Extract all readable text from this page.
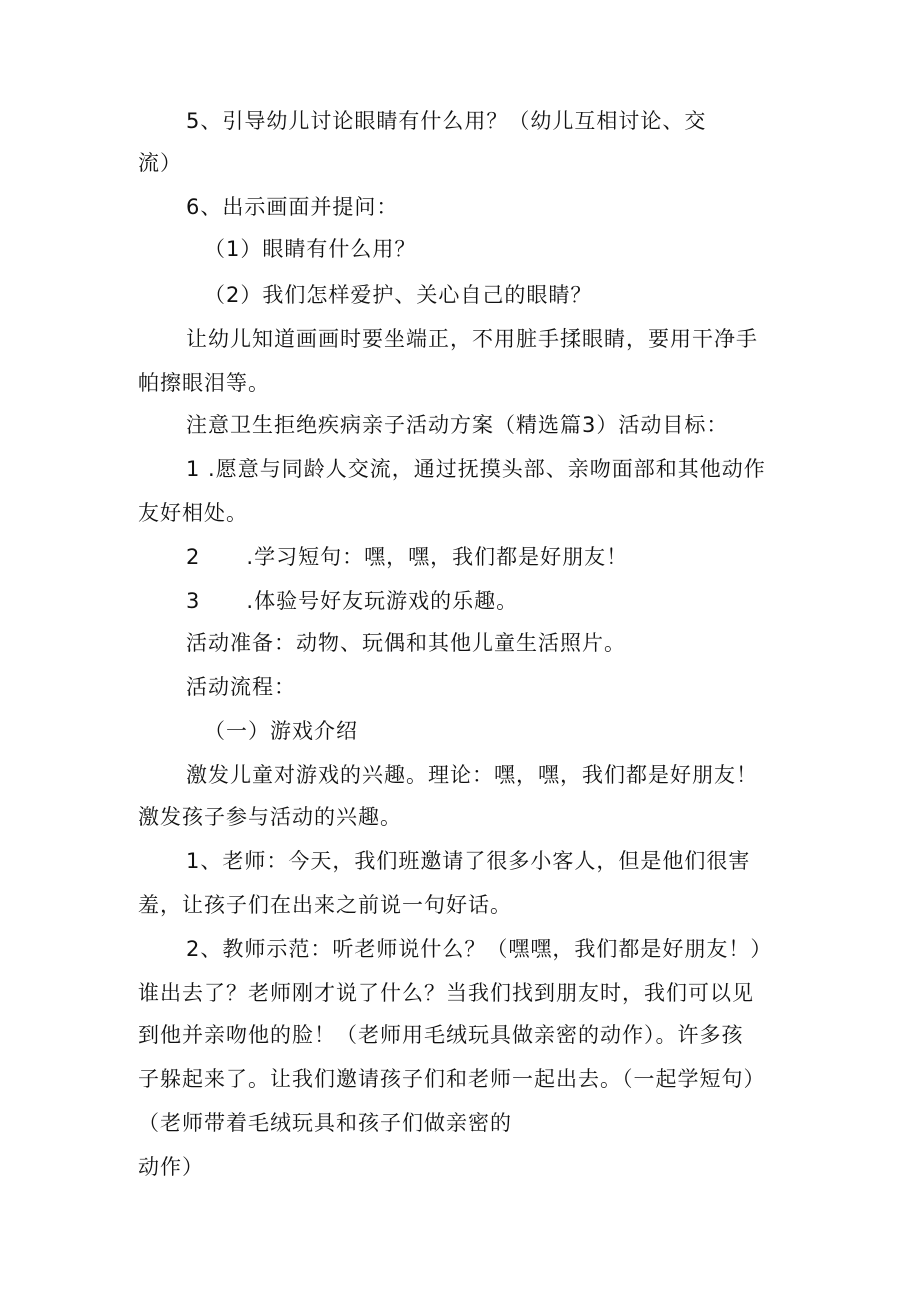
5、引导幼儿讨论眼睛有什么用？（幼儿互相讨论、交
流）
6、出示画面并提问：
（1）眼睛有什么用？
（2）我们怎样爱护、关心自己的眼睛？
让幼儿知道画画时要坐端正，不用脏手揉眼睛，要用干净手
帕擦眼泪等。
注意卫生拒绝疾病亲子活动方案（精选篇3）活动目标：
1 .愿意与同龄人交流，通过抚摸头部、亲吻面部和其他动作
友好相处。
2      .学习短句：嘿，嘿，我们都是好朋友！
3      .体验号好友玩游戏的乐趣。
活动准备：动物、玩偶和其他儿童生活照片。
活动流程：
（一）游戏介绍
激发儿童对游戏的兴趣。理论：嘿，嘿，我们都是好朋友！
激发孩子参与活动的兴趣。
1、老师：今天，我们班邀请了很多小客人，但是他们很害
羞，让孩子们在出来之前说一句好话。
2、教师示范：听老师说什么？（嘿嘿，我们都是好朋友！）
谁出去了？老师刚才说了什么？当我们找到朋友时，我们可以见
到他并亲吻他的脸！（老师用毛绒玩具做亲密的动作）。许多孩
子躲起来了。让我们邀请孩子们和老师一起出去。（一起学短句）
（老师带着毛绒玩具和孩子们做亲密的
动作）
